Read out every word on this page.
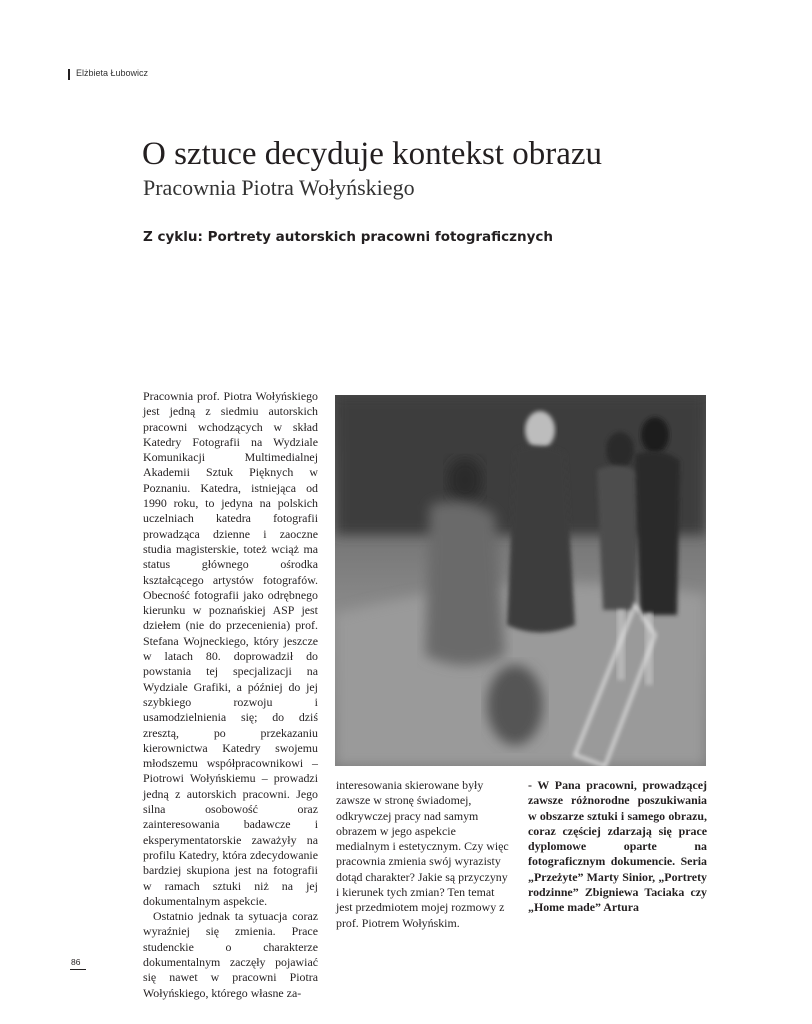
Elżbieta Łubowicz
O sztuce decyduje kontekst obrazu
Pracownia Piotra Wołyńskiego
Z cyklu: Portrety autorskich pracowni fotograficznych

Pracownia prof. Piotra Wołyńskiego jest jedną z siedmiu autorskich pracowni wchodzących w skład Katedry Fotografii na Wydziale Komunikacji Multimedialnej Akademii Sztuk Pięknych w Poznaniu. Katedra, istniejąca od 1990 roku, to jedyna na polskich uczelniach katedra fotografii prowadząca dzienne i zaoczne studia magisterskie, toteż wciąż ma status głównego ośrodka kształcącego artystów fotografów. Obecność fotografii jako odrębnego kierunku w poznańskiej ASP jest dziełem (nie do przecenienia) prof. Stefana Wojneckiego, który jeszcze w latach 80. doprowadził do powstania tej specjalizacji na Wydziale Grafiki, a później do jej szybkiego rozwoju i usamodzielnienia się; do dziś zresztą, po przekazaniu kierownictwa Katedry swojemu młodszemu współpracownikowi – Piotrowi Wołyńskiemu – prowadzi jedną z autorskich pracowni. Jego silna osobowość oraz zainteresowania badawcze i eksperymentatorskie zaważyły na profilu Katedry, która zdecydowanie bardziej skupiona jest na fotografii w ramach sztuki niż na jej dokumentalnym aspekcie.

Ostatnio jednak ta sytuacja coraz wyraźniej się zmienia. Prace studenckie o charakterze dokumentalnym zaczęły pojawiać się nawet w pracowni Piotra Wołyńskiego, którego własne za-

interesowania skierowane były zawsze w stronę świadomej, odkrywczej pracy nad samym obrazem w jego aspekcie medialnym i estetycznym. Czy więc pracownia zmienia swój wyrazisty dotąd charakter? Jakie są przyczyny i kierunek tych zmian? Ten temat jest przedmiotem mojej rozmowy z prof. Piotrem Wołyńskim.

- W Pana pracowni, prowadzącej zawsze różnorodne poszukiwania w obszarze sztuki i samego obrazu, coraz częściej zdarzają się prace dyplomowe oparte na fotograficznym dokumencie. Seria „Przeżyte” Marty Sinior, „Portrety rodzinne” Zbigniewa Taciaka czy „Home made” Artura

86
